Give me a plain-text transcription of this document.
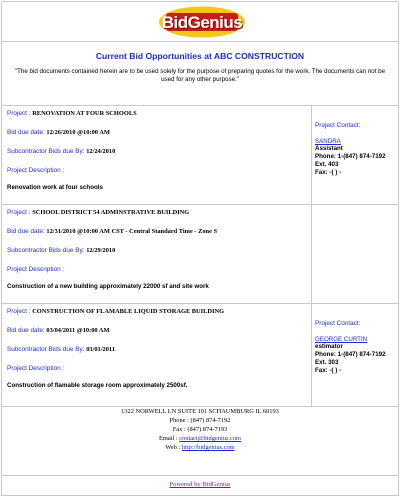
BidGenius
Current Bid Opportunities at ABC CONSTRUCTION

"The bid documents contained herein are to be used solely for the purpose of preparing quotes for the work. The documents can not be used for any other purpose."

Project : RENOVATION AT FOUR SCHOOLS
Bid due date: 12/26/2010 @10:00 AM
Subcontractor Bids due By: 12/24/2010
Project Description :
Renovation work at four schools
Project Contact:
SANDRA
Assistant
Phone: 1-(847) 874-7192 Ext. 403
Fax: -( ) -
Project : SCHOOL DISTRICT 54 ADMINSTRATIVE BUILDING
Bid due date: 12/31/2010 @10:00 AM CST - Central Standard Time - Zone S
Subcontractor Bids due By: 12/29/2010
Project Description :
Construction of a new building approximately 22000 sf and site work
Project : CONSTRUCTION OF FLAMABLE LIQUID STORAGE BUILDING
Bid due date: 03/04/2011 @10:00 AM
Subcontractor Bids due By: 03/01/2011
Project Description :
Construction of flamable storage room approximately 2500sf.
Project Contact:
GEORGE CURTIN
estimator
Phone: 1-(847) 874-7192 Ext. 303
Fax: -( ) -
1322 NORWELL LN SUITE 101 SCHAUMBURG IL 60193
Phone : (847) 874-7192
Fax : (847) 874-7193
Email : contact@bidgenius.com
Web : http://bidgenius.com
Powered by BidGenius
